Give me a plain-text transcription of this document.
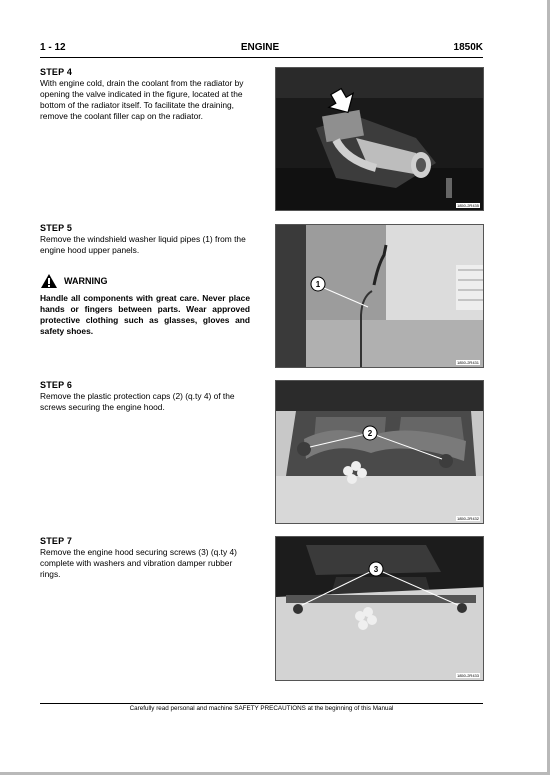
1 - 12	ENGINE	1850K
STEP 4
With engine cold, drain the coolant from the radiator by opening the valve indicated in the figure, located at the bottom of the radiator itself. To facilitate the draining, remove the coolant filler cap on the radiator.
1850-2R435
STEP 5
Remove the windshield washer liquid pipes (1) from the engine hood upper panels.
WARNING
Handle all components with great care. Never place hands or fingers between parts. Wear approved protective clothing such as glasses, gloves and safety shoes.
1
1850-2R431
STEP 6
Remove the plastic protection caps (2) (q.ty 4) of the screws securing the engine hood.
2
1850-2R432
STEP 7
Remove the engine hood securing screws (3) (q.ty 4) complete with washers and vibration damper rubber rings.	3
1850-2R433
Carefully read personal and machine SAFETY PRECAUTIONS at the beginning of this Manual
